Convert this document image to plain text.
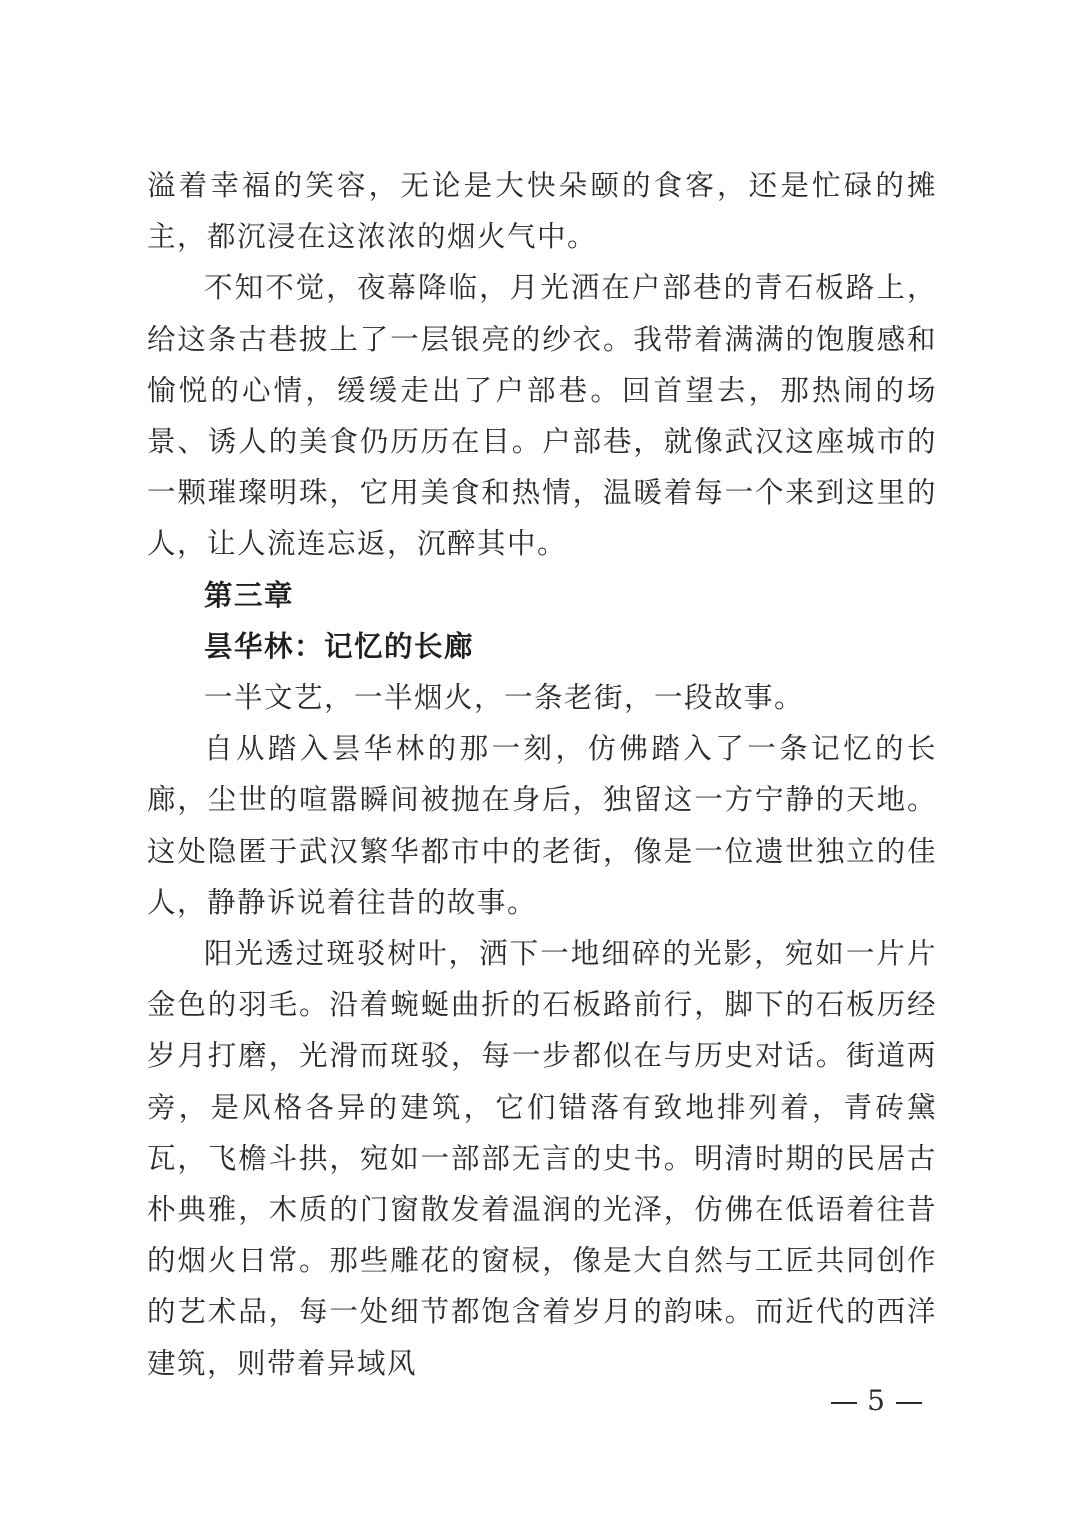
溢着幸福的笑容，无论是大快朵颐的食客，还是忙碌的摊主，都沉浸在这浓浓的烟火气中。

不知不觉，夜幕降临，月光洒在户部巷的青石板路上，给这条古巷披上了一层银亮的纱衣。我带着满满的饱腹感和愉悦的心情，缓缓走出了户部巷。回首望去，那热闹的场景、诱人的美食仍历历在目。户部巷，就像武汉这座城市的一颗璀璨明珠，它用美食和热情，温暖着每一个来到这里的人，让人流连忘返，沉醉其中。

第三章

昙华林：记忆的长廊

一半文艺，一半烟火，一条老街，一段故事。

自从踏入昙华林的那一刻，仿佛踏入了一条记忆的长廊，尘世的喧嚣瞬间被抛在身后，独留这一方宁静的天地。这处隐匿于武汉繁华都市中的老街，像是一位遗世独立的佳人，静静诉说着往昔的故事。

阳光透过斑驳树叶，洒下一地细碎的光影，宛如一片片金色的羽毛。沿着蜿蜒曲折的石板路前行，脚下的石板历经岁月打磨，光滑而斑驳，每一步都似在与历史对话。街道两旁，是风格各异的建筑，它们错落有致地排列着，青砖黛瓦，飞檐斗拱，宛如一部部无言的史书。明清时期的民居古朴典雅，木质的门窗散发着温润的光泽，仿佛在低语着往昔的烟火日常。那些雕花的窗棂，像是大自然与工匠共同创作的艺术品，每一处细节都饱含着岁月的韵味。而近代的西洋建筑，则带着异域风

5
